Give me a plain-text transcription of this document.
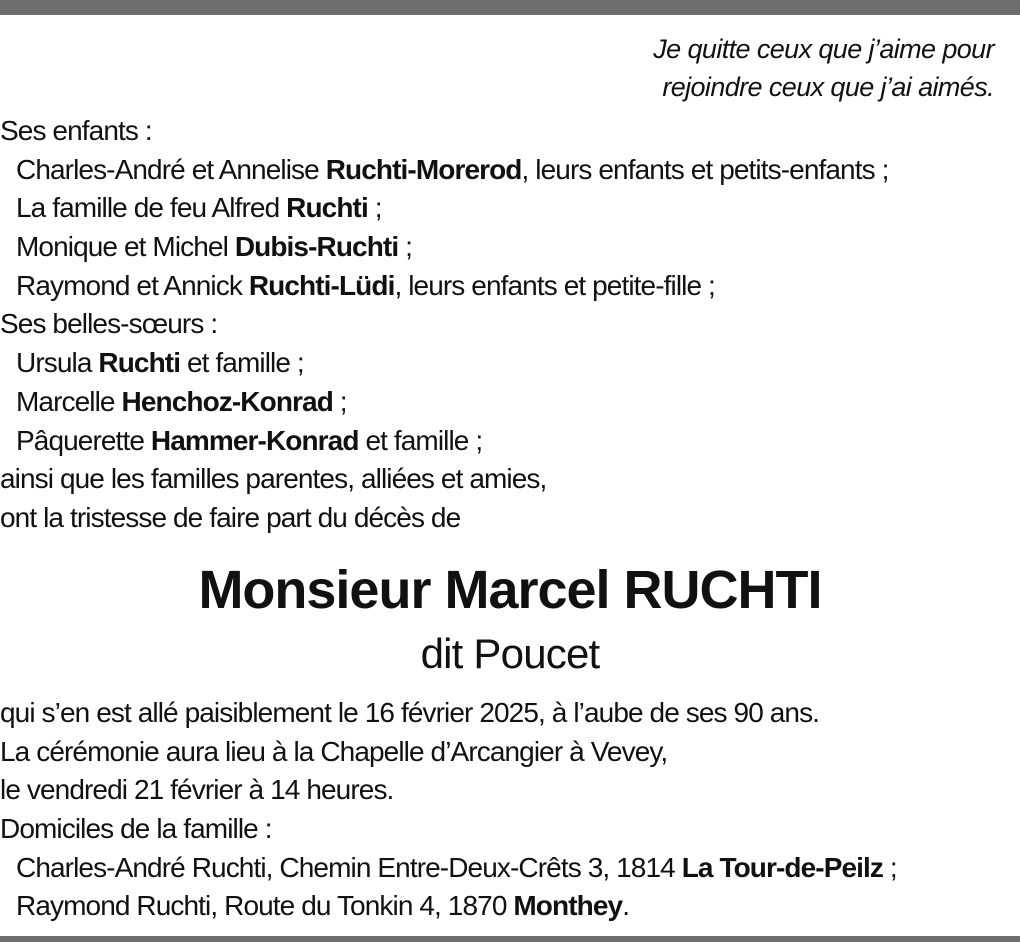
Je quitte ceux que j’aime pour
rejoindre ceux que j’ai aimés.
Ses enfants :
Charles-André et Annelise Ruchti-Morerod, leurs enfants et petits-enfants ;
La famille de feu Alfred Ruchti ;
Monique et Michel Dubis-Ruchti ;
Raymond et Annick Ruchti-Lüdi, leurs enfants et petite-fille ;
Ses belles-sœurs :
Ursula Ruchti et famille ;
Marcelle Henchoz-Konrad ;
Pâquerette Hammer-Konrad et famille ;
ainsi que les familles parentes, alliées et amies,
ont la tristesse de faire part du décès de
Monsieur Marcel RUCHTI
dit Poucet
qui s’en est allé paisiblement le 16 février 2025, à l’aube de ses 90 ans.
La cérémonie aura lieu à la Chapelle d’Arcangier à Vevey,
le vendredi 21 février à 14 heures.
Domiciles de la famille :
Charles-André Ruchti, Chemin Entre-Deux-Crêts 3, 1814 La Tour-de-Peilz ;
Raymond Ruchti, Route du Tonkin 4, 1870 Monthey.
